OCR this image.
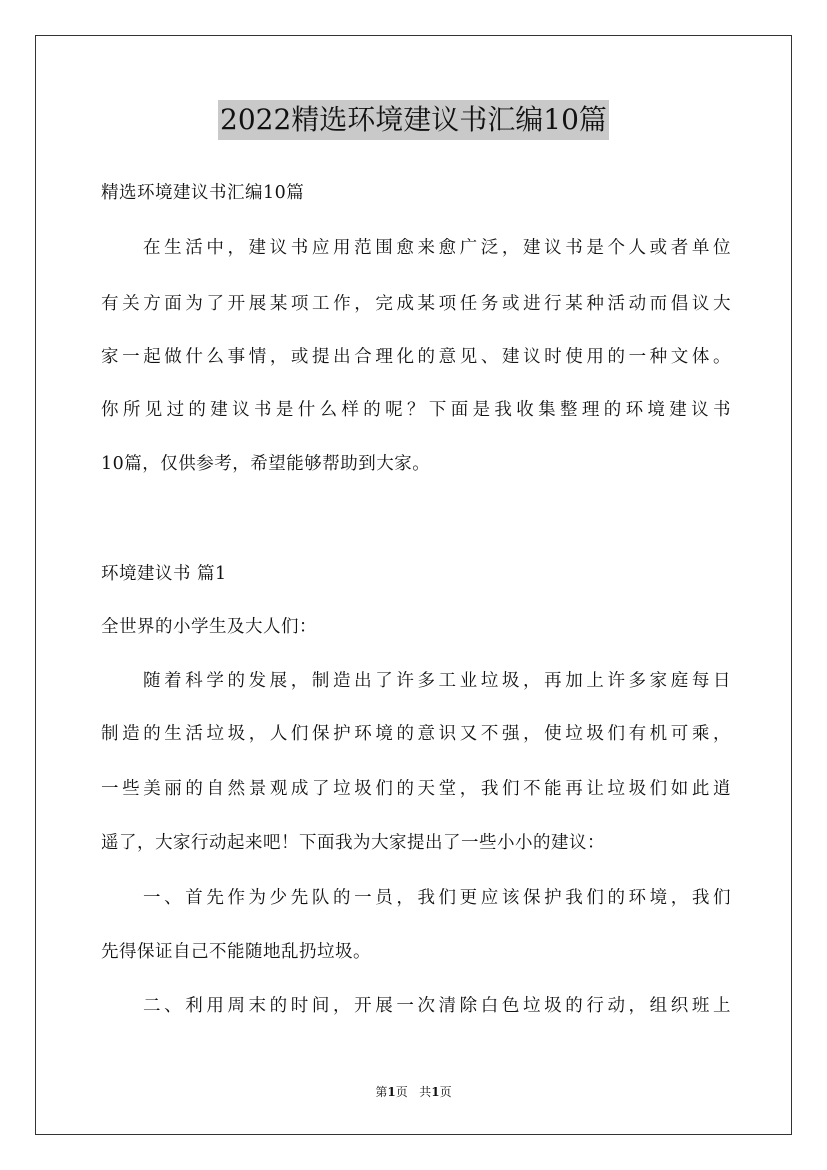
2022精选环境建议书汇编10篇
精选环境建议书汇编10篇
在生活中，建议书应用范围愈来愈广泛，建议书是个人或者单位
有关方面为了开展某项工作，完成某项任务或进行某种活动而倡议大
家一起做什么事情，或提出合理化的意见、建议时使用的一种文体。
你所见过的建议书是什么样的呢？下面是我收集整理的环境建议书
10篇，仅供参考，希望能够帮助到大家。
环境建议书 篇1
全世界的小学生及大人们：
随着科学的发展，制造出了许多工业垃圾，再加上许多家庭每日
制造的生活垃圾，人们保护环境的意识又不强，使垃圾们有机可乘，
一些美丽的自然景观成了垃圾们的天堂，我们不能再让垃圾们如此逍
遥了，大家行动起来吧！下面我为大家提出了一些小小的建议：
一、首先作为少先队的一员，我们更应该保护我们的环境，我们
先得保证自己不能随地乱扔垃圾。
二、利用周末的时间，开展一次清除白色垃圾的行动，组织班上
第1页 共1页
